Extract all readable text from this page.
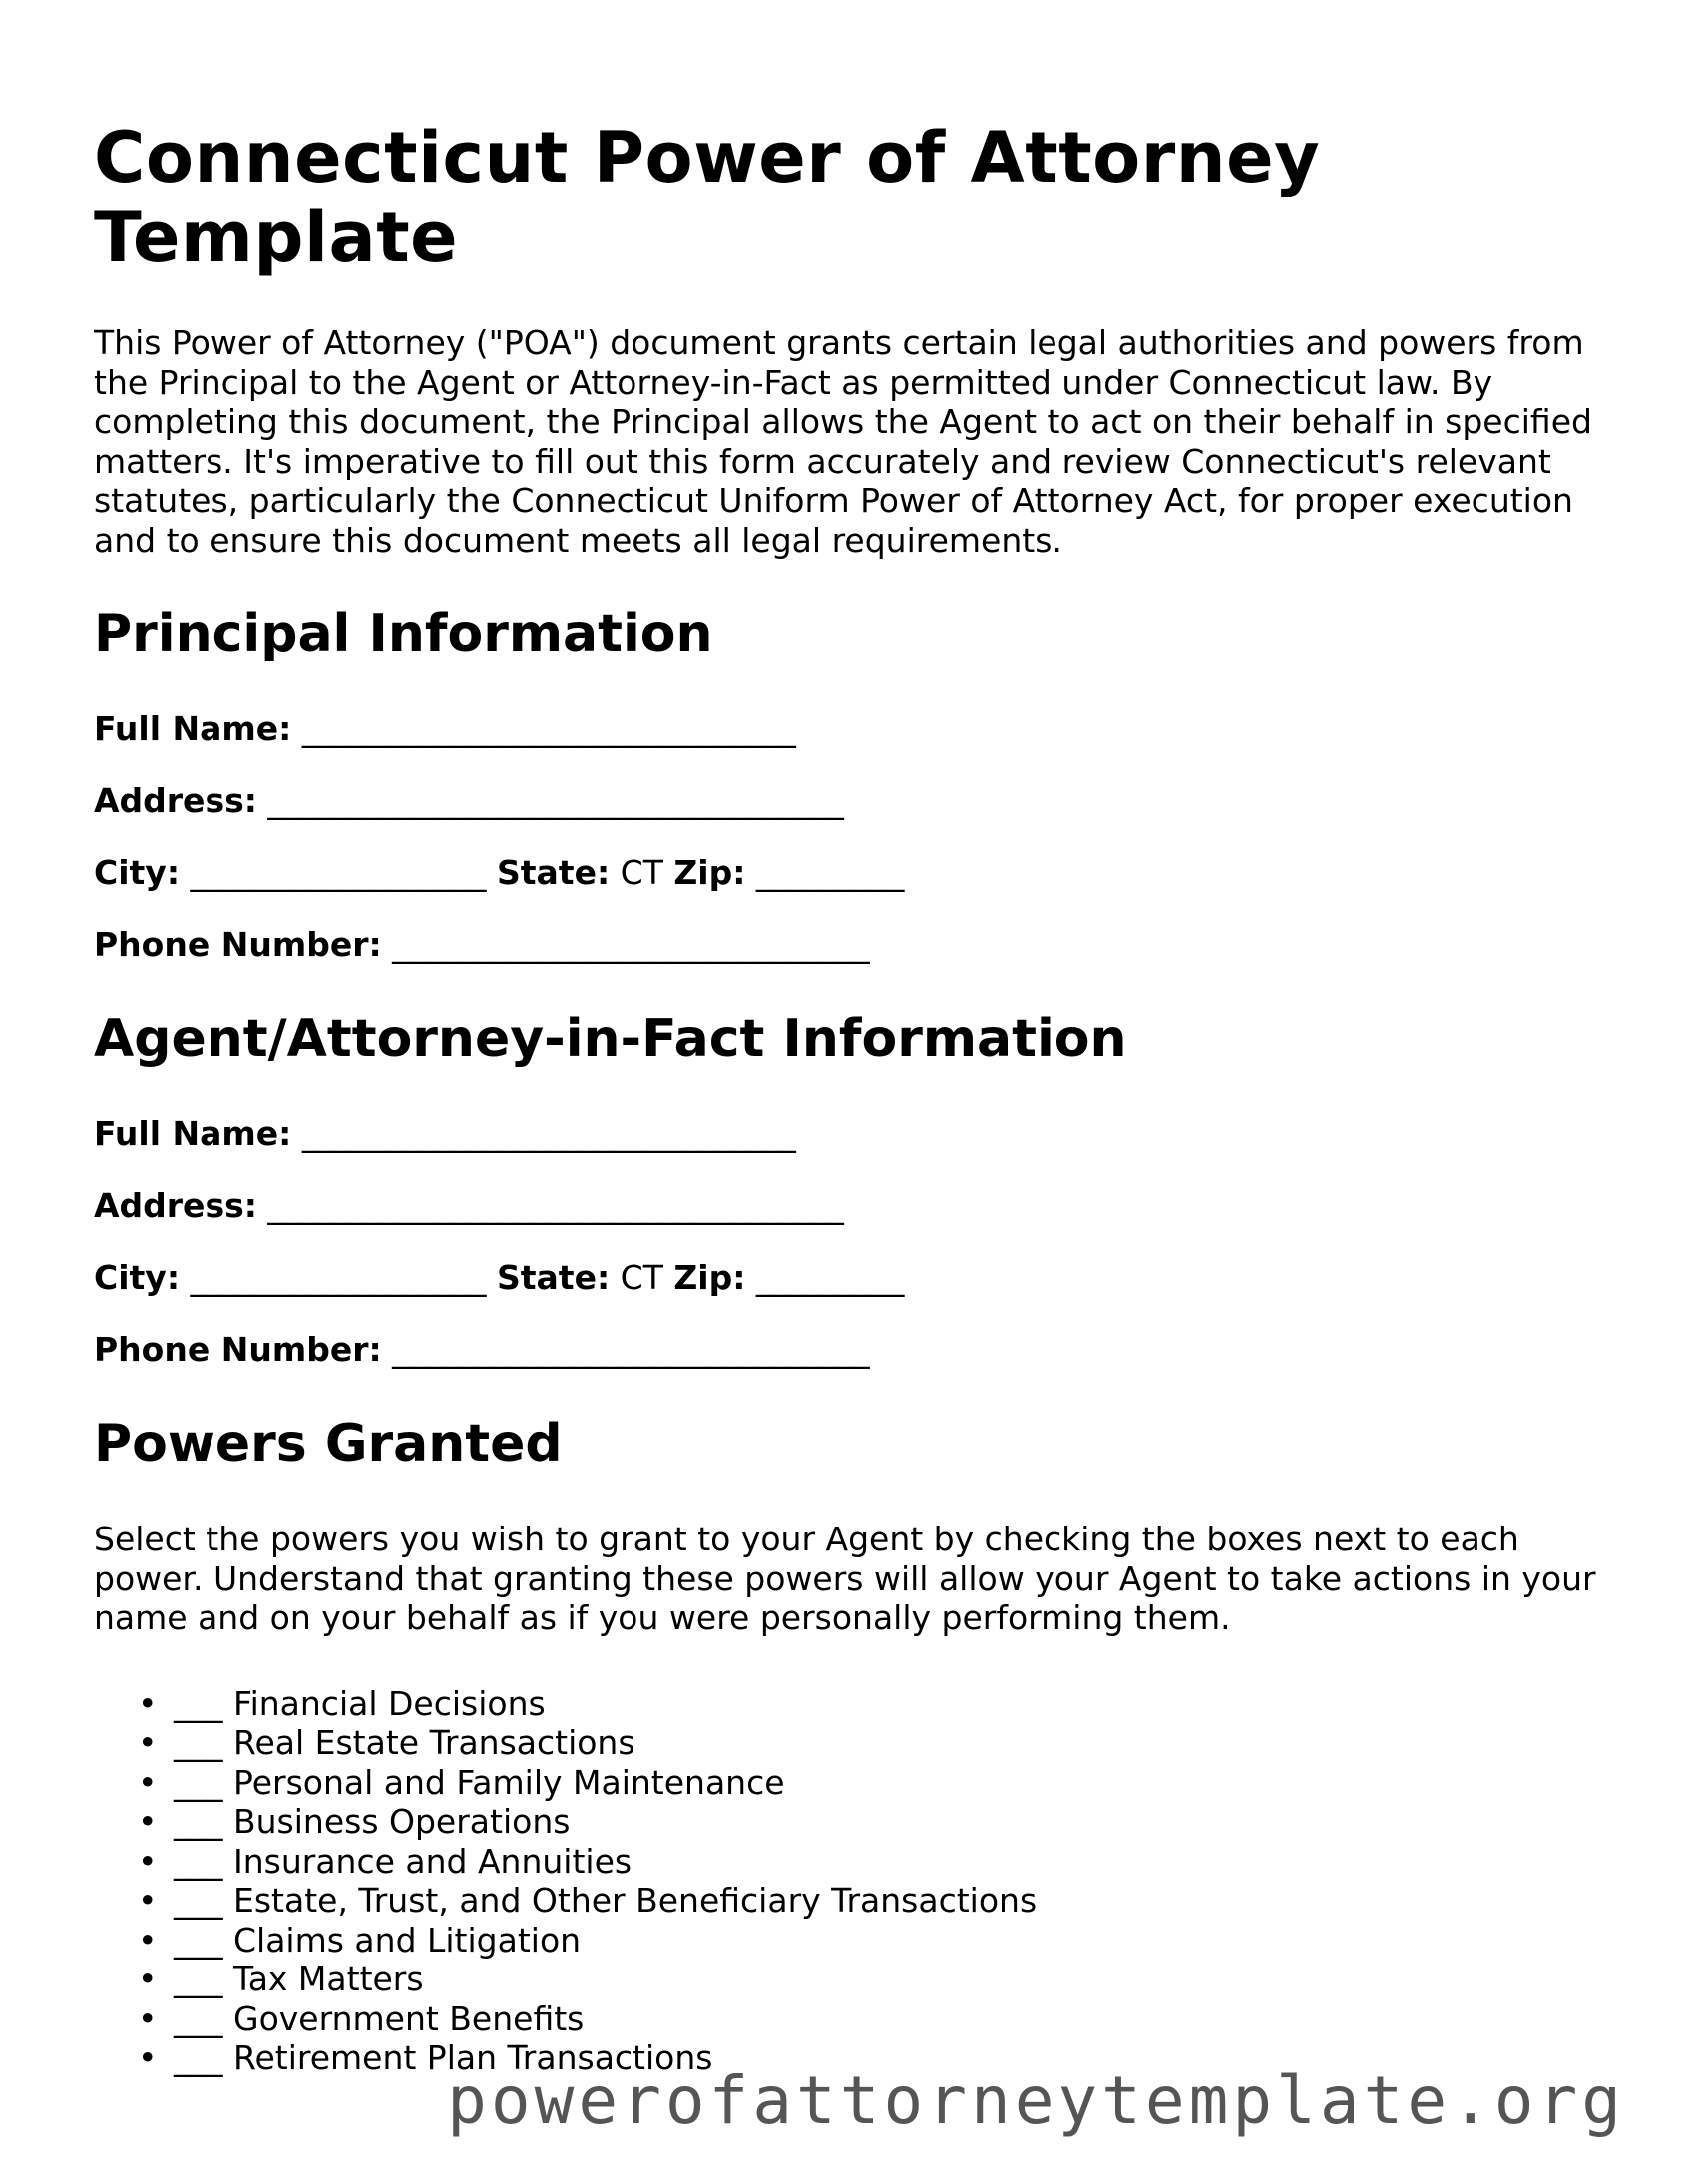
Connecticut Power of Attorney Template

This Power of Attorney ("POA") document grants certain legal authorities and powers from the Principal to the Agent or Attorney-in-Fact as permitted under Connecticut law. By completing this document, the Principal allows the Agent to act on their behalf in specified matters. It's imperative to fill out this form accurately and review Connecticut's relevant statutes, particularly the Connecticut Uniform Power of Attorney Act, for proper execution and to ensure this document meets all legal requirements.

Principal Information

Full Name: ______________________________

Address: ___________________________________

City: __________________ State: CT Zip: _________

Phone Number: _____________________________

Agent/Attorney-in-Fact Information

Full Name: ______________________________

Address: ___________________________________

City: __________________ State: CT Zip: _________

Phone Number: _____________________________

Powers Granted

Select the powers you wish to grant to your Agent by checking the boxes next to each power. Understand that granting these powers will allow your Agent to take actions in your name and on your behalf as if you were personally performing them.

• ___ Financial Decisions
• ___ Real Estate Transactions
• ___ Personal and Family Maintenance
• ___ Business Operations
• ___ Insurance and Annuities
• ___ Estate, Trust, and Other Beneficiary Transactions
• ___ Claims and Litigation
• ___ Tax Matters
• ___ Government Benefits
• ___ Retirement Plan Transactions
powerofattorneytemplate.org
